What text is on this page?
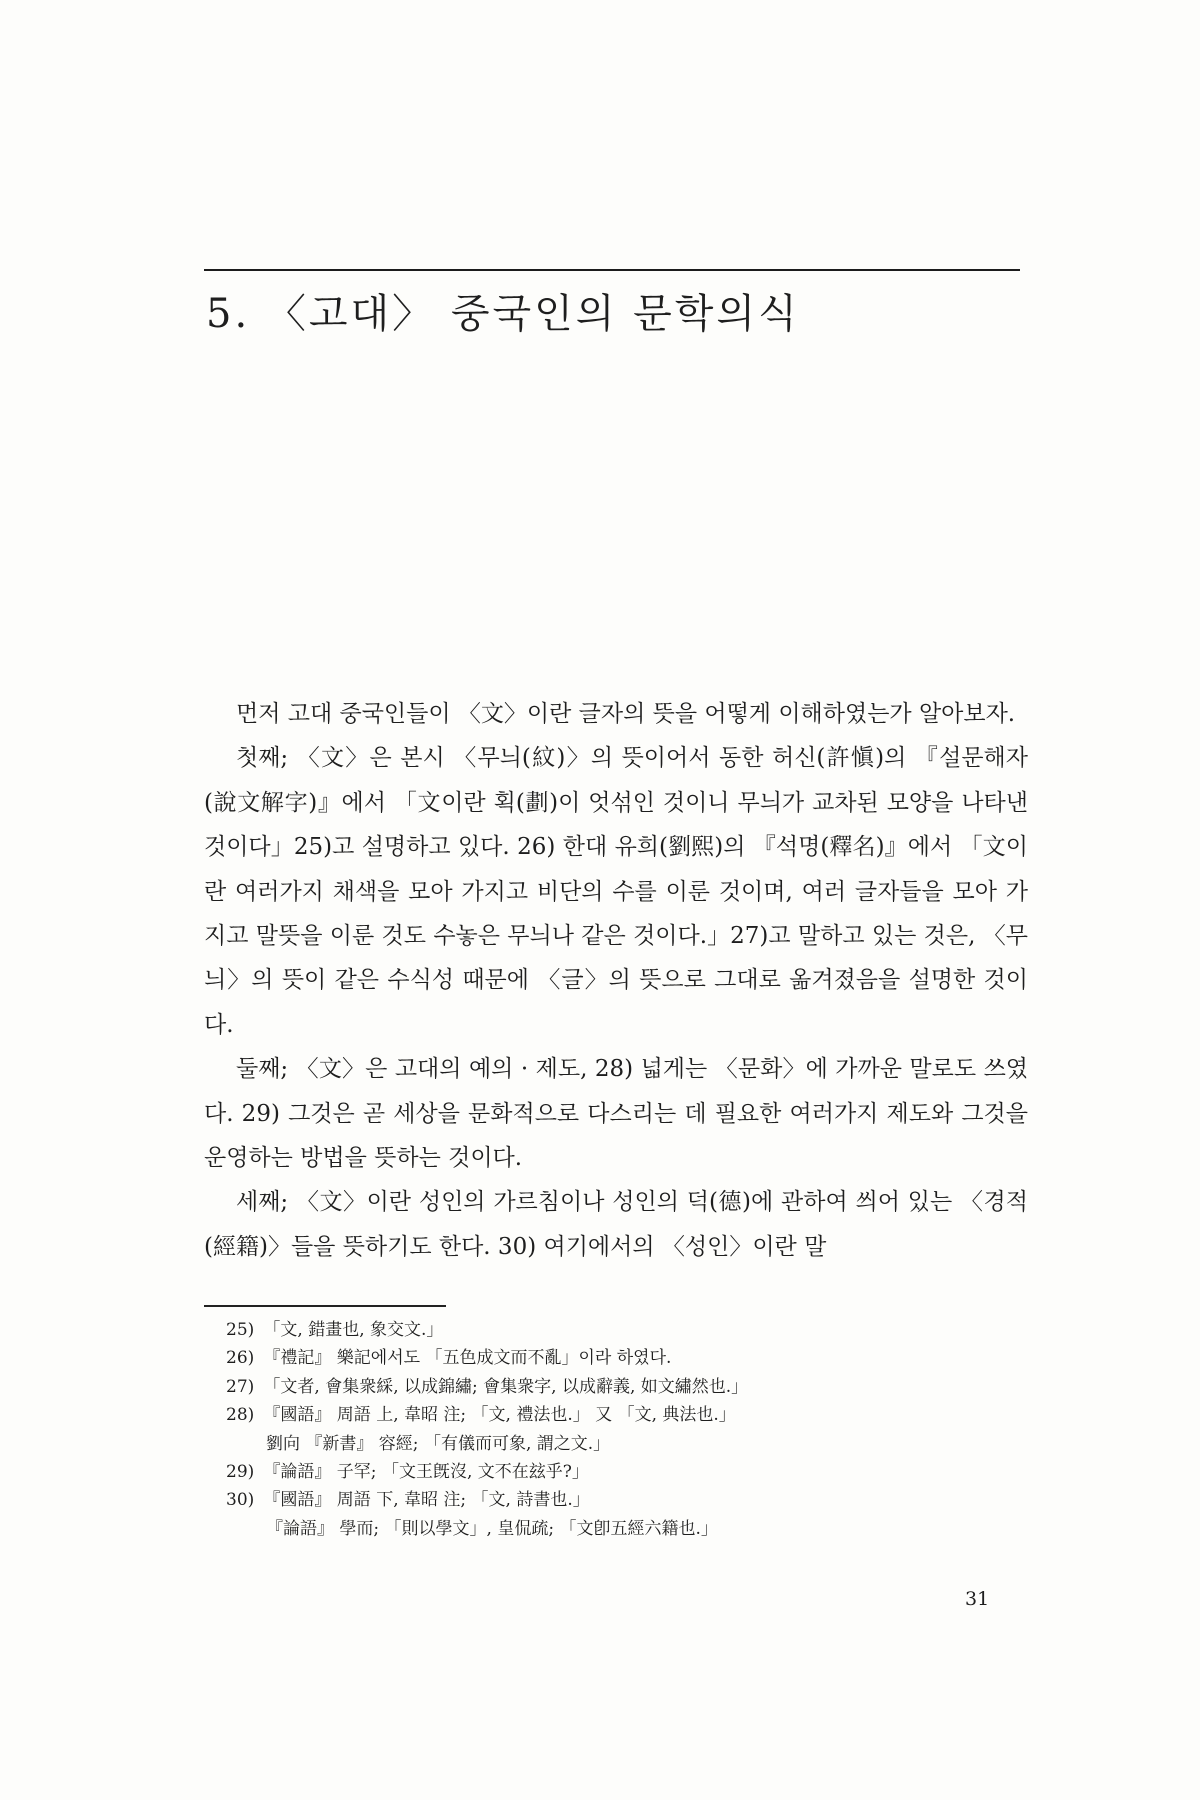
5. 〈고대〉 중국인의 문학의식

먼저 고대 중국인들이 〈文〉이란 글자의 뜻을 어떻게 이해하였는가 알아보자.

첫째; 〈文〉은 본시 〈무늬(紋)〉의 뜻이어서 동한 허신(許愼)의 『설문해자(說文解字)』에서 「文이란 획(劃)이 엇섞인 것이니 무늬가 교차된 모양을 나타낸 것이다」25)고 설명하고 있다. 26) 한대 유희(劉熙)의 『석명(釋名)』에서 「文이란 여러가지 채색을 모아 가지고 비단의 수를 이룬 것이며, 여러 글자들을 모아 가지고 말뜻을 이룬 것도 수놓은 무늬나 같은 것이다.」27)고 말하고 있는 것은, 〈무늬〉의 뜻이 같은 수식성 때문에 〈글〉의 뜻으로 그대로 옮겨졌음을 설명한 것이다.

둘째; 〈文〉은 고대의 예의 · 제도, 28) 넓게는 〈문화〉에 가까운 말로도 쓰였다. 29) 그것은 곧 세상을 문화적으로 다스리는 데 필요한 여러가지 제도와 그것을 운영하는 방법을 뜻하는 것이다.

세째; 〈文〉이란 성인의 가르침이나 성인의 덕(德)에 관하여 씌어 있는 〈경적(經籍)〉들을 뜻하기도 한다. 30) 여기에서의 〈성인〉이란 말

25) 「文, 錯畫也, 象交文.」
26) 『禮記』 樂記에서도 「五色成文而不亂」이라 하였다.
27) 「文者, 會集衆綵, 以成錦繡; 會集衆字, 以成辭義, 如文繡然也.」
28) 『國語』 周語 上, 韋昭 注; 「文, 禮法也.」 又 「文, 典法也.」
劉向 『新書』 容經; 「有儀而可象, 謂之文.」
29) 『論語』 子罕; 「文王旣沒, 文不在玆乎?」
30) 『國語』 周語 下, 韋昭 注; 「文, 詩書也.」
『論語』 學而; 「則以學文」, 皇侃疏; 「文卽五經六籍也.」
31
